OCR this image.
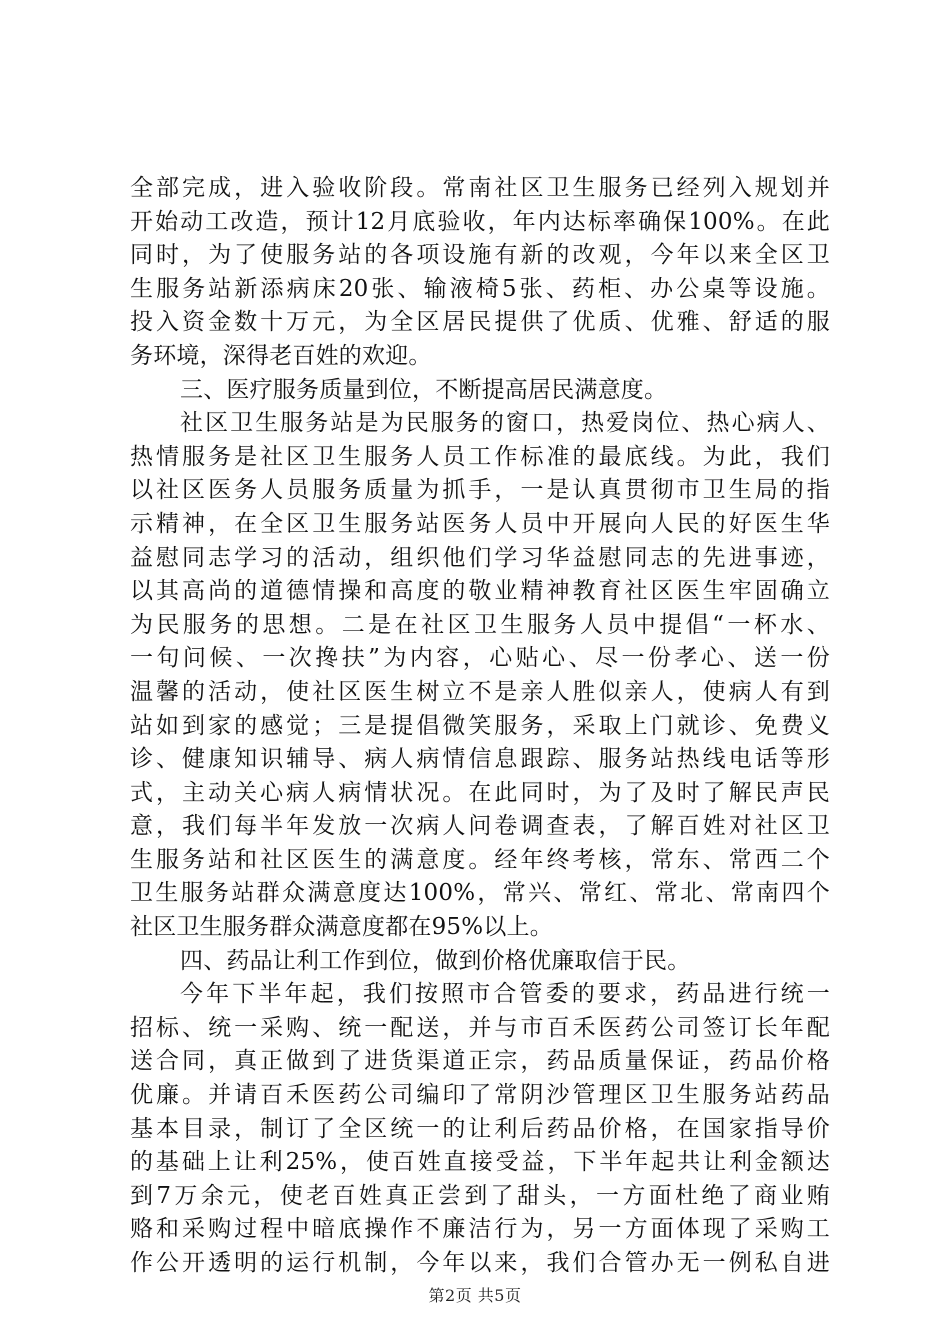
全部完成，进入验收阶段。常南社区卫生服务已经列入规划并
开始动工改造，预计12月底验收，年内达标率确保100%。在此
同时，为了使服务站的各项设施有新的改观，今年以来全区卫
生服务站新添病床20张、输液椅5张、药柜、办公桌等设施。
投入资金数十万元，为全区居民提供了优质、优雅、舒适的服
务环境，深得老百姓的欢迎。
三、医疗服务质量到位，不断提高居民满意度。
社区卫生服务站是为民服务的窗口，热爱岗位、热心病人、
热情服务是社区卫生服务人员工作标准的最底线。为此，我们
以社区医务人员服务质量为抓手，一是认真贯彻市卫生局的指
示精神，在全区卫生服务站医务人员中开展向人民的好医生华
益慰同志学习的活动，组织他们学习华益慰同志的先进事迹，
以其高尚的道德情操和高度的敬业精神教育社区医生牢固确立
为民服务的思想。二是在社区卫生服务人员中提倡“一杯水、
一句问候、一次搀扶”为内容，心贴心、尽一份孝心、送一份
温馨的活动，使社区医生树立不是亲人胜似亲人，使病人有到
站如到家的感觉；三是提倡微笑服务，采取上门就诊、免费义
诊、健康知识辅导、病人病情信息跟踪、服务站热线电话等形
式，主动关心病人病情状况。在此同时，为了及时了解民声民
意，我们每半年发放一次病人问卷调查表，了解百姓对社区卫
生服务站和社区医生的满意度。经年终考核，常东、常西二个
卫生服务站群众满意度达100%，常兴、常红、常北、常南四个
社区卫生服务群众满意度都在95%以上。
四、药品让利工作到位，做到价格优廉取信于民。
今年下半年起，我们按照市合管委的要求，药品进行统一
招标、统一采购、统一配送，并与市百禾医药公司签订长年配
送合同，真正做到了进货渠道正宗，药品质量保证，药品价格
优廉。并请百禾医药公司编印了常阴沙管理区卫生服务站药品
基本目录，制订了全区统一的让利后药品价格，在国家指导价
的基础上让利25%，使百姓直接受益，下半年起共让利金额达
到7万余元，使老百姓真正尝到了甜头，一方面杜绝了商业贿
赂和采购过程中暗底操作不廉洁行为，另一方面体现了采购工
作公开透明的运行机制，今年以来，我们合管办无一例私自进
第2页 共5页
